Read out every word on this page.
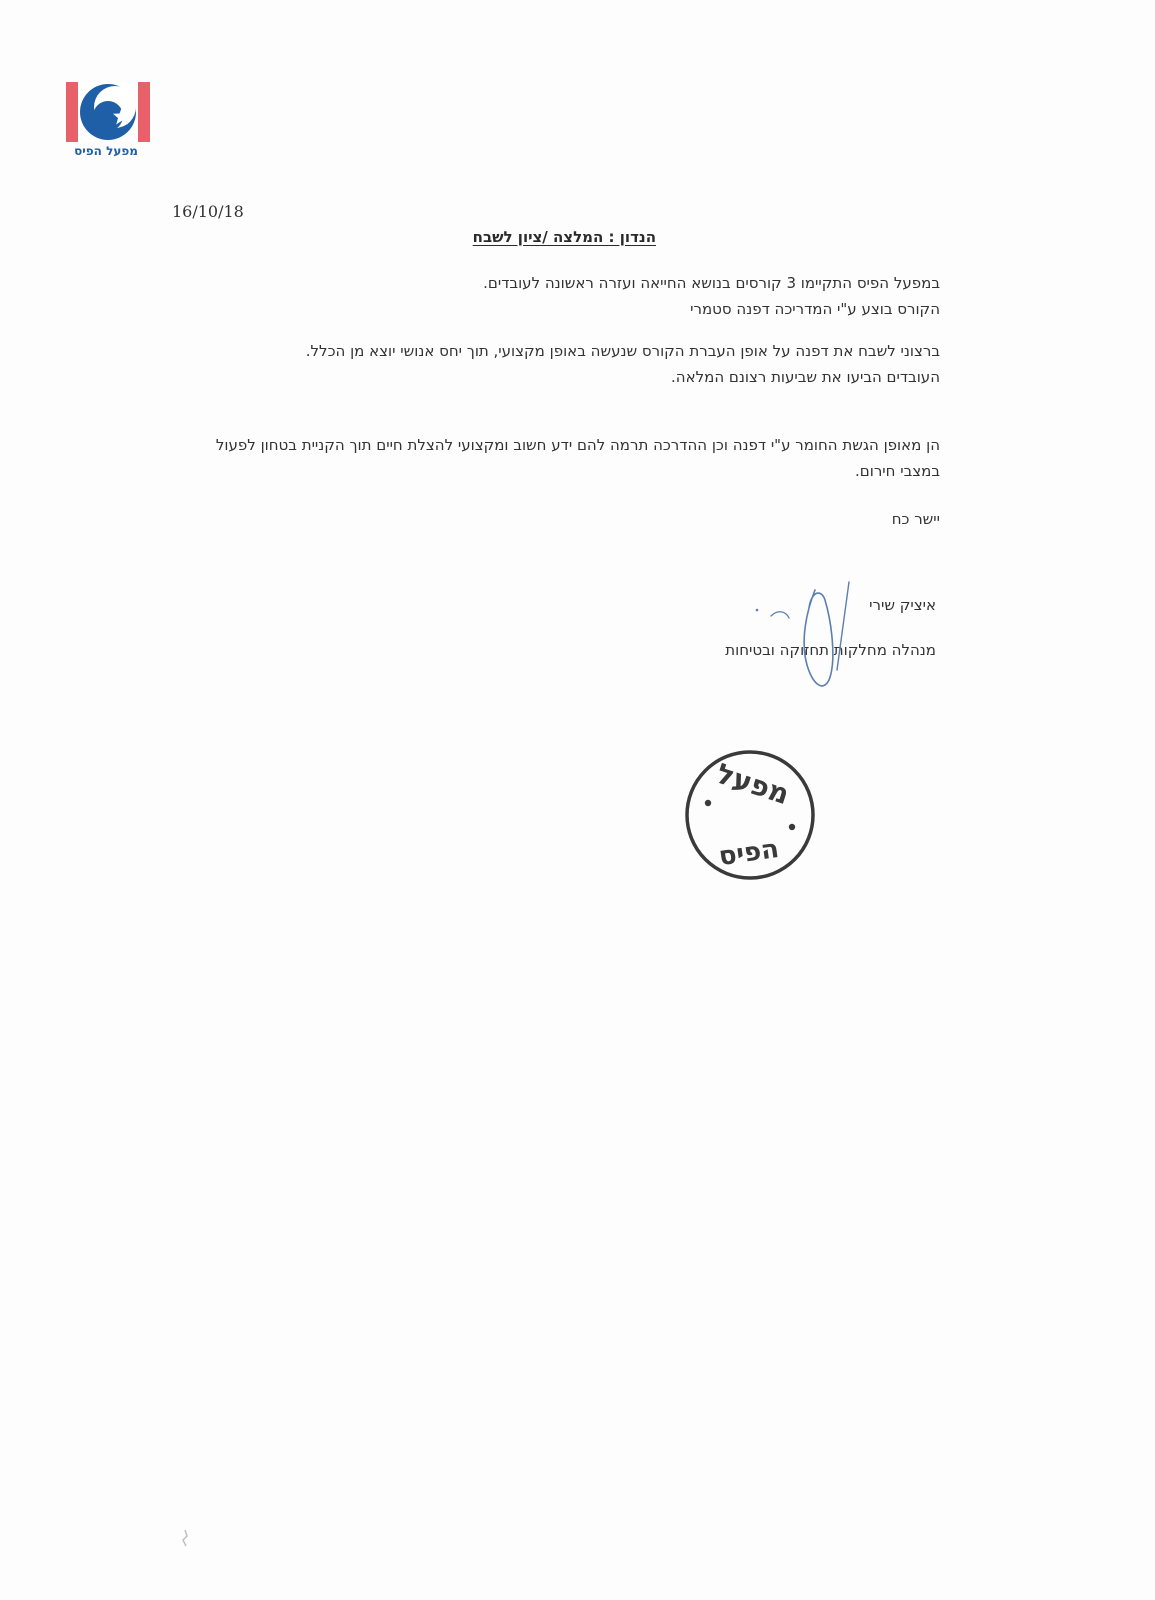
מפעל הפיס
16/10/18
הנדון : המלצה /ציון לשבח

במפעל הפיס התקיימו 3 קורסים בנושא החייאה ועזרה ראשונה לעובדים.

הקורס בוצע ע"י המדריכה דפנה סטמרי

ברצוני לשבח את דפנה על אופן העברת הקורס שנעשה באופן מקצועי, תוך יחס אנושי יוצא מן הכלל.

העובדים הביעו את שביעות רצונם המלאה.

הן מאופן הגשת החומר ע"י דפנה וכן ההדרכה תרמה להם ידע חשוב ומקצועי להצלת חיים תוך הקניית בטחון לפעול במצבי חירום.

יישר כח
איציק שירי
מנהלה מחלקות תחזוקה ובטיחות
מפעל
הפיס
